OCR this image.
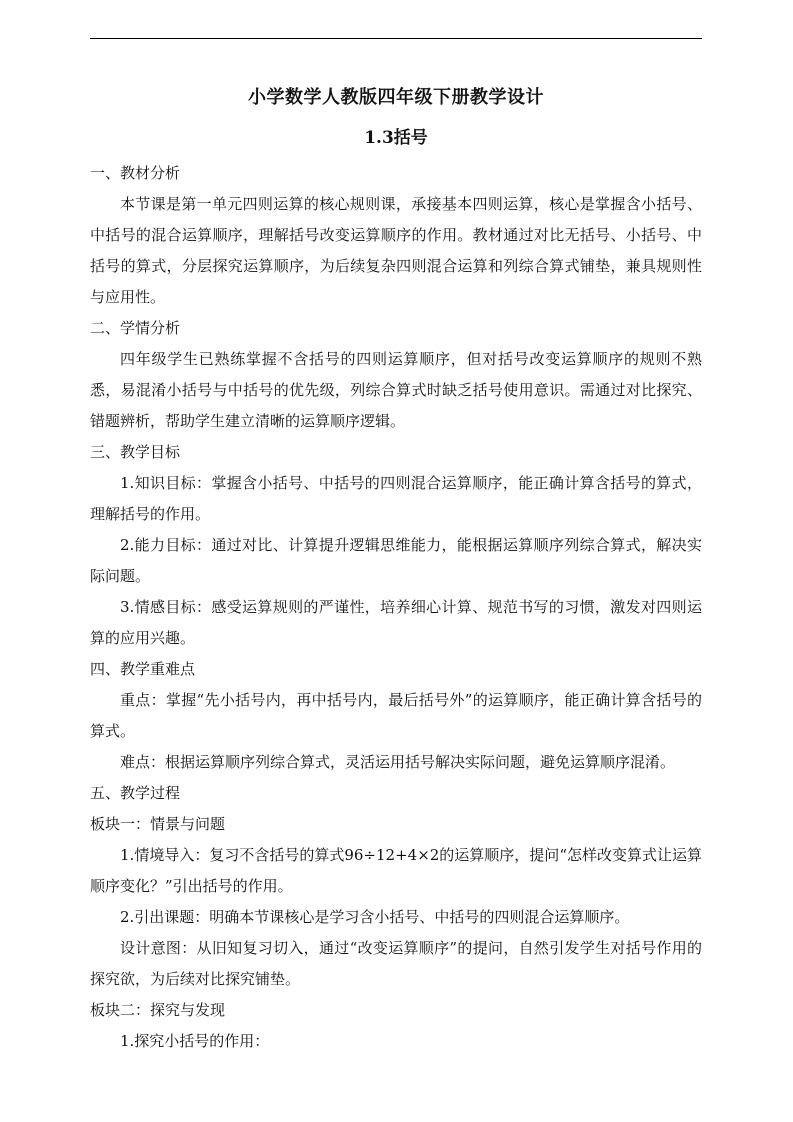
小学数学人教版四年级下册教学设计
1.3括号

一、教材分析

本节课是第一单元四则运算的核心规则课，承接基本四则运算，核心是掌握含小括号、中括号的混合运算顺序，理解括号改变运算顺序的作用。教材通过对比无括号、小括号、中括号的算式，分层探究运算顺序，为后续复杂四则混合运算和列综合算式铺垫，兼具规则性与应用性。

二、学情分析

四年级学生已熟练掌握不含括号的四则运算顺序，但对括号改变运算顺序的规则不熟悉，易混淆小括号与中括号的优先级，列综合算式时缺乏括号使用意识。需通过对比探究、错题辨析，帮助学生建立清晰的运算顺序逻辑。

三、教学目标

1.知识目标：掌握含小括号、中括号的四则混合运算顺序，能正确计算含括号的算式，理解括号的作用。

2.能力目标：通过对比、计算提升逻辑思维能力，能根据运算顺序列综合算式，解决实际问题。

3.情感目标：感受运算规则的严谨性，培养细心计算、规范书写的习惯，激发对四则运算的应用兴趣。

四、教学重难点

重点：掌握“先小括号内，再中括号内，最后括号外”的运算顺序，能正确计算含括号的算式。

难点：根据运算顺序列综合算式，灵活运用括号解决实际问题，避免运算顺序混淆。

五、教学过程

板块一：情景与问题

1.情境导入：复习不含括号的算式96÷12+4×2的运算顺序，提问“怎样改变算式让运算顺序变化？”引出括号的作用。

2.引出课题：明确本节课核心是学习含小括号、中括号的四则混合运算顺序。

设计意图：从旧知复习切入，通过“改变运算顺序”的提问，自然引发学生对括号作用的探究欲，为后续对比探究铺垫。

板块二：探究与发现

1.探究小括号的作用：
